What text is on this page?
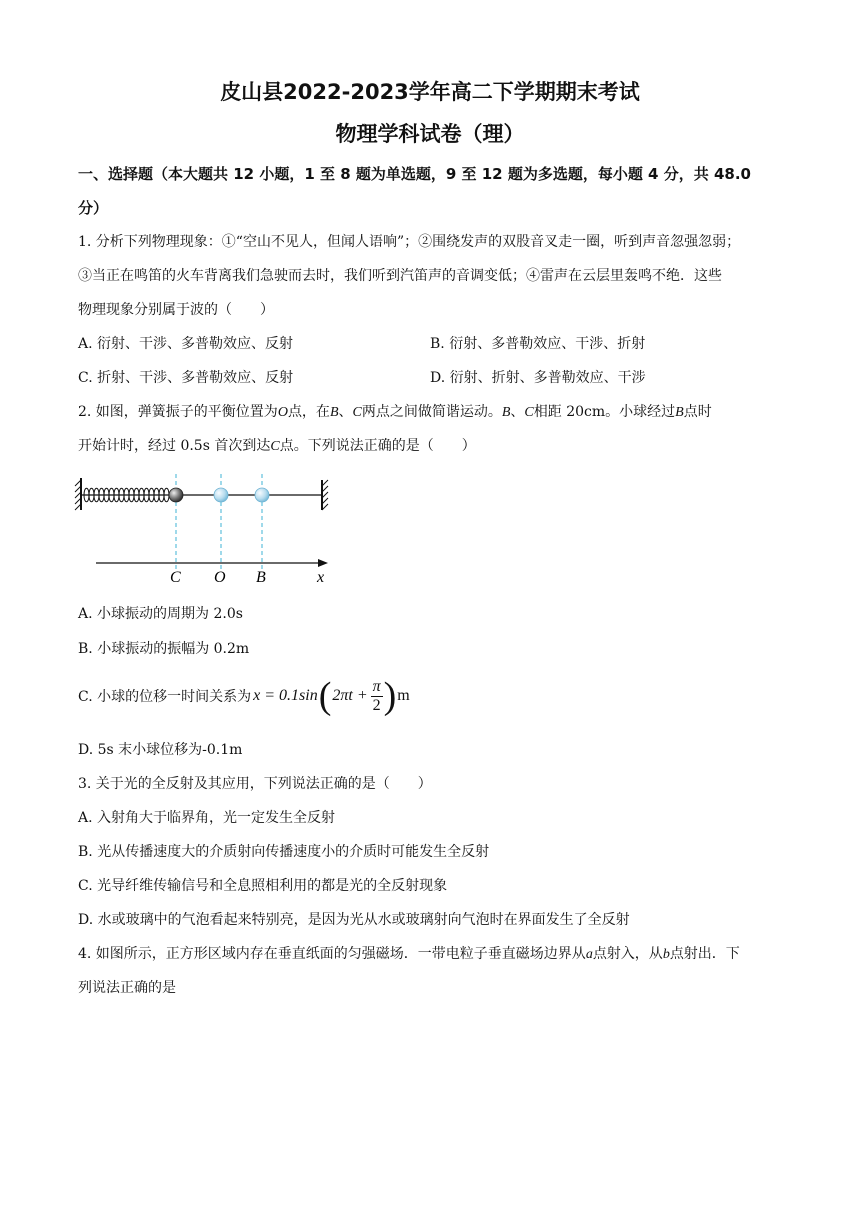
皮山县2022-2023学年高二下学期期末考试
物理学科试卷（理）
一、选择题（本大题共 12 小题，1 至 8 题为单选题，9 至 12 题为多选题，每小题 4 分，共 48.0
分）
1. 分析下列物理现象：①“空山不见人，但闻人语响”；②围绕发声的双股音叉走一圈，听到声音忽强忽弱；
③当正在鸣笛的火车背离我们急驶而去时，我们听到汽笛声的音调变低；④雷声在云层里轰鸣不绝．这些
物理现象分别属于波的（　　）
A. 衍射、干涉、多普勒效应、反射	B. 衍射、多普勒效应、干涉、折射
C. 折射、干涉、多普勒效应、反射	D. 衍射、折射、多普勒效应、干涉
2. 如图，弹簧振子的平衡位置为O点，在B、C两点之间做简谐运动。B、C相距 20cm。小球经过B点时
开始计时，经过 0.5s 首次到达C点。下列说法正确的是（　　）
C O B	x
A. 小球振动的周期为 2.0s
B. 小球振动的振幅为 0.2m
C. 小球的位移一时间关系为 x = 0.1sin ( $2\pi t + \frac{\pi}{2}$ ) m
D. 5s 末小球位移为-0.1m
3. 关于光的全反射及其应用，下列说法正确的是（　　）
A. 入射角大于临界角，光一定发生全反射
B. 光从传播速度大的介质射向传播速度小的介质时可能发生全反射
C. 光导纤维传输信号和全息照相利用的都是光的全反射现象
D. 水或玻璃中的气泡看起来特别亮，是因为光从水或玻璃射向气泡时在界面发生了全反射
4. 如图所示，正方形区域内存在垂直纸面的匀强磁场．一带电粒子垂直磁场边界从a点射入，从b点射出．下
列说法正确的是
